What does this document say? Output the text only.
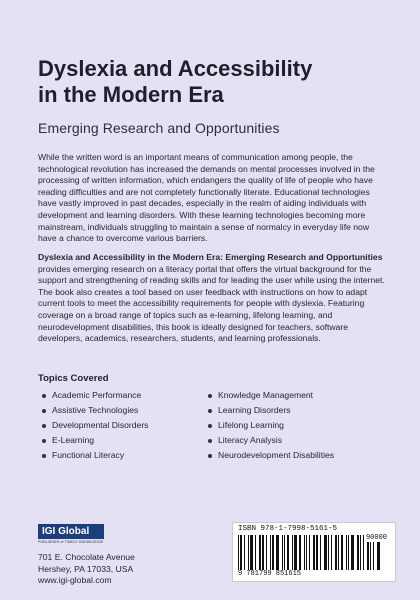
Dyslexia and Accessibility
in the Modern Era
Emerging Research and Opportunities

While the written word is an important means of communication among people, the technological revolution has increased the demands on mental processes involved in the processing of written information, which endangers the quality of life of people who have reading difficulties and are not completely functionally literate. Educational technologies have vastly improved in past decades, especially in the realm of aiding individuals with development and learning disorders. With these learning technologies becoming more mainstream, individuals struggling to maintain a sense of normalcy in everyday life now have a chance to overcome various barriers.

Dyslexia and Accessibility in the Modern Era: Emerging Research and Opportunities provides emerging research on a literacy portal that offers the virtual background for the support and strengthening of reading skills and for leading the user while using the internet. The book also creates a tool based on user feedback with instructions on how to adapt current tools to meet the accessibility requirements for people with dyslexia. Featuring coverage on a broad range of topics such as e-learning, lifelong learning, and neurodevelopment disabilities, this book is ideally designed for teachers, software developers, academics, researchers, students, and learning professionals.

Topics Covered
Academic Performance
Assistive Technologies
Developmental Disorders
E-Learning
Functional Literacy
Knowledge Management
Learning Disorders
Lifelong Learning
Literacy Analysis
Neurodevelopment Disabilities
IGI Global
PUBLISHER of TIMELY KNOWLEDGE
701 E. Chocolate Avenue
Hershey, PA 17033, USA
www.igi-global.com
ISBN 978-1-7998-5161-5
90000
9 781799 851615
